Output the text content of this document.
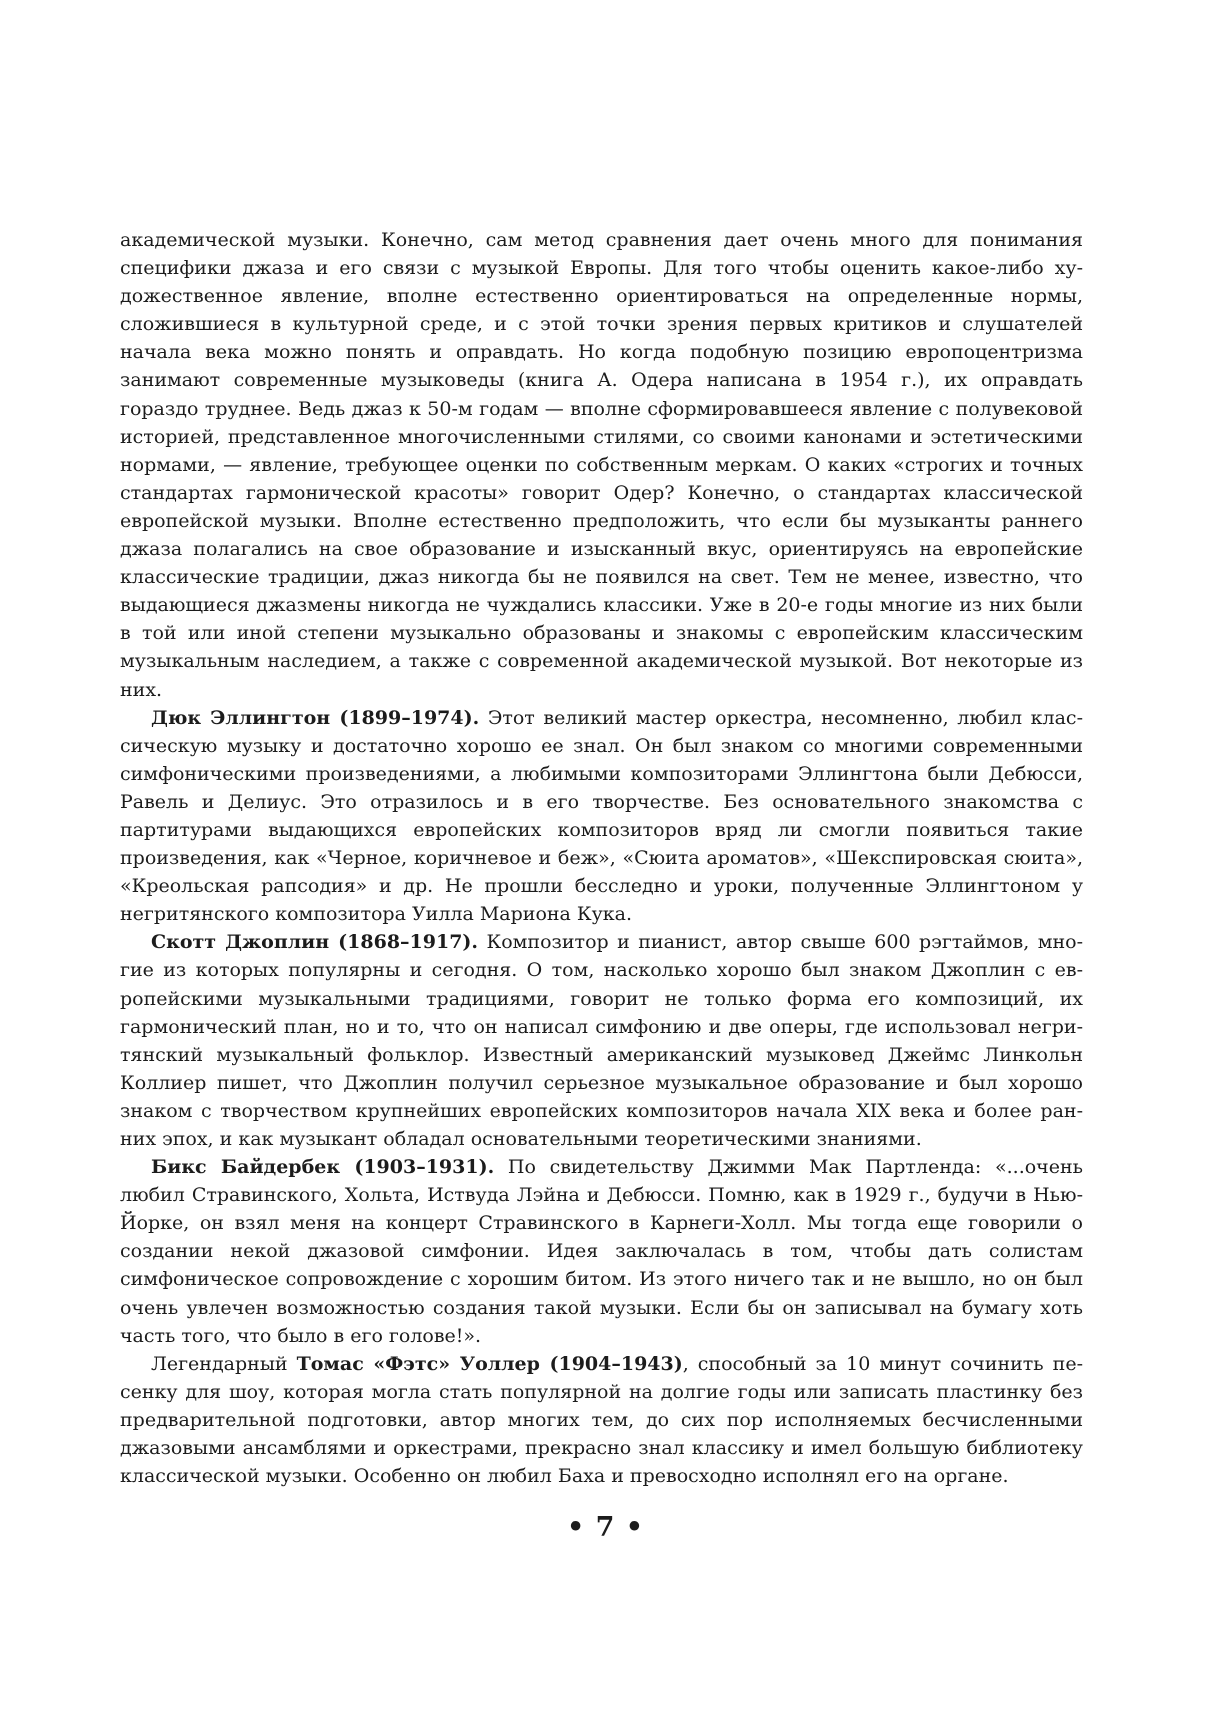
академической музыки. Конечно, сам метод сравнения дает очень много для понимания специфики джаза и его связи с музыкой Европы. Для того чтобы оценить какое-либо художественное явление, вполне естественно ориентироваться на определенные нормы, сложившиеся в культурной среде, и с этой точки зрения первых критиков и слушателей начала века можно понять и оправдать. Но когда подобную позицию европоцентризма занимают современные музыковеды (книга А. Одера написана в 1954 г.), их оправдать гораздо труднее. Ведь джаз к 50-м годам — вполне сформировавшееся явление с полувековой историей, представленное многочисленными стилями, со своими канонами и эстетическими нормами, — явление, требующее оценки по собственным меркам. О каких «строгих и точных стандартах гармонической красоты» говорит Одер? Конечно, о стандартах классической европейской музыки. Вполне естественно предположить, что если бы музыканты раннего джаза полагались на свое образование и изысканный вкус, ориентируясь на европейские классические традиции, джаз никогда бы не появился на свет. Тем не менее, известно, что выдающиеся джазмены никогда не чуждались классики. Уже в 20-е годы многие из них были в той или иной степени музыкально образованы и знакомы с европейским классическим музыкальным наследием, а также с современной академической музыкой. Вот некоторые из них.

Дюк Эллингтон (1899–1974). Этот великий мастер оркестра, несомненно, любил классическую музыку и достаточно хорошо ее знал. Он был знаком со многими современными симфоническими произведениями, а любимыми композиторами Эллингтона были Дебюсси, Равель и Делиус. Это отразилось и в его творчестве. Без основательного знакомства с партитурами выдающихся европейских композиторов вряд ли смогли появиться такие произведения, как «Черное, коричневое и беж», «Сюита ароматов», «Шекспировская сюита», «Креольская рапсодия» и др. Не прошли бесследно и уроки, полученные Эллингтоном у негритянского композитора Уилла Мариона Кука.

Скотт Джоплин (1868–1917). Композитор и пианист, автор свыше 600 рэгтаймов, многие из которых популярны и сегодня. О том, насколько хорошо был знаком Джоплин с европейскими музыкальными традициями, говорит не только форма его композиций, их гармонический план, но и то, что он написал симфонию и две оперы, где использовал негритянский музыкальный фольклор. Известный американский музыковед Джеймс Линкольн Коллиер пишет, что Джоплин получил серьезное музыкальное образование и был хорошо знаком с творчеством крупнейших европейских композиторов начала XIX века и более ранних эпох, и как музыкант обладал основательными теоретическими знаниями.

Бикс Байдербек (1903–1931). По свидетельству Джимми Мак Партленда: «...очень любил Стравинского, Хольта, Иствуда Лэйна и Дебюсси. Помню, как в 1929 г., будучи в Нью-Йорке, он взял меня на концерт Стравинского в Карнеги-Холл. Мы тогда еще говорили о создании некой джазовой симфонии. Идея заключалась в том, чтобы дать солистам симфоническое сопровождение с хорошим битом. Из этого ничего так и не вышло, но он был очень увлечен возможностью создания такой музыки. Если бы он записывал на бумагу хоть часть того, что было в его голове!».

Легендарный Томас «Фэтс» Уоллер (1904–1943), способный за 10 минут сочинить песенку для шоу, которая могла стать популярной на долгие годы или записать пластинку без предварительной подготовки, автор многих тем, до сих пор исполняемых бесчисленными джазовыми ансамблями и оркестрами, прекрасно знал классику и имел большую библиотеку классической музыки. Особенно он любил Баха и превосходно исполнял его на органе.

• 7 •
